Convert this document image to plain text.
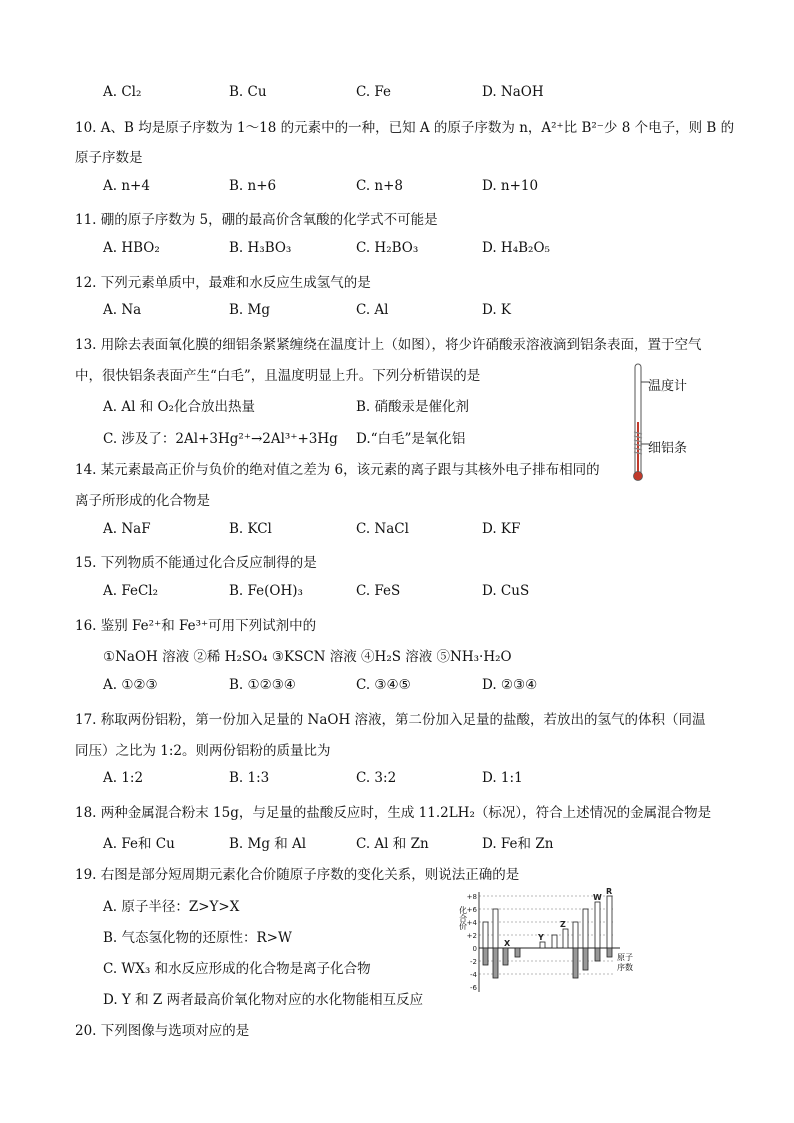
A. Cl₂	B. Cu	C. Fe	D. NaOH
10. A、B 均是原子序数为 1～18 的元素中的一种，已知 A 的原子序数为 n，A²⁺比 B²⁻少 8 个电子，则 B 的
原子序数是
A. n+4	B. n+6	C. n+8	D. n+10
11. 硼的原子序数为 5，硼的最高价含氧酸的化学式不可能是
A. HBO₂	B. H₃BO₃	C. H₂BO₃	D. H₄B₂O₅
12. 下列元素单质中，最难和水反应生成氢气的是
A. Na	B. Mg	C. Al	D. K
13. 用除去表面氧化膜的细铝条紧紧缠绕在温度计上（如图），将少许硝酸汞溶液滴到铝条表面，置于空气
中，很快铝条表面产生“白毛”，且温度明显上升。下列分析错误的是
A. Al 和 O₂化合放出热量	B. 硝酸汞是催化剂
C. 涉及了：2Al+3Hg²⁺→2Al³⁺+3Hg D.“白毛”是氧化铝
温度计
细铝条
14. 某元素最高正价与负价的绝对值之差为 6，该元素的离子跟与其核外电子排布相同的
离子所形成的化合物是
A. NaF	B. KCl	C. NaCl	D. KF
15. 下列物质不能通过化合反应制得的是
A. FeCl₂	B. Fe(OH)₃	C. FeS	D. CuS
16. 鉴别 Fe²⁺和 Fe³⁺可用下列试剂中的
①NaOH 溶液 ②稀 H₂SO₄ ③KSCN 溶液 ④H₂S 溶液 ⑤NH₃·H₂O
A. ①②③	B. ①②③④	C. ③④⑤	D. ②③④
17. 称取两份铝粉，第一份加入足量的 NaOH 溶液，第二份加入足量的盐酸，若放出的氢气的体积（同温
同压）之比为 1:2。则两份铝粉的质量比为
A. 1:2	B. 1:3	C. 3:2	D. 1:1
18. 两种金属混合粉末 15g，与足量的盐酸反应时，生成 11.2LH₂（标况），符合上述情况的金属混合物是
A. Fe和 Cu	B. Mg 和 Al	C. Al 和 Zn	D. Fe和 Zn
19. 右图是部分短周期元素化合价随原子序数的变化关系，则说法正确的是
A. 原子半径：Z>Y>X
B. 气态氢化物的还原性：R>W
C. WX₃ 和水反应形成的化合物是离子化合物
D. Y 和 Z 两者最高价氧化物对应的水化物能相互反应
化合价
+8
+6
+4
+2
0
-2
-4
-6
X
Y
Z
W
R
原子
序数
20. 下列图像与选项对应的是
